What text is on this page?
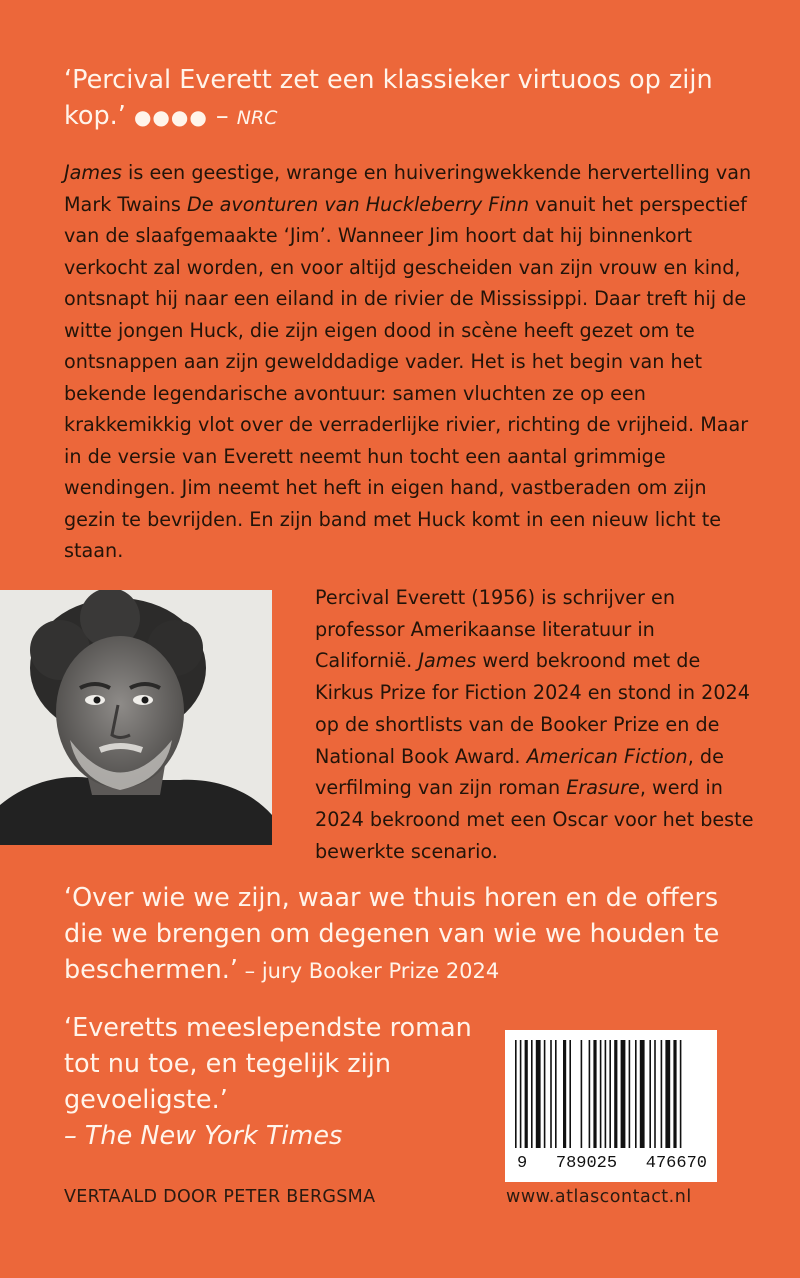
‘Percival Everett zet een klassieker virtuoos op zijn kop.’ ●●●● – NRC
James is een geestige, wrange en huiveringwekkende hervertelling van Mark Twains De avonturen van Huckleberry Finn vanuit het perspectief van de slaafgemaakte ‘Jim’. Wanneer Jim hoort dat hij binnenkort verkocht zal worden, en voor altijd gescheiden van zijn vrouw en kind, ontsnapt hij naar een eiland in de rivier de Mississippi. Daar treft hij de witte jongen Huck, die zijn eigen dood in scène heeft gezet om te ontsnappen aan zijn gewelddadige vader. Het is het begin van het bekende legendarische avontuur: samen vluchten ze op een krakkemikkig vlot over de verraderlijke rivier, richting de vrijheid. Maar in de versie van Everett neemt hun tocht een aantal grimmige wendingen. Jim neemt het heft in eigen hand, vastberaden om zijn gezin te bevrijden. En zijn band met Huck komt in een nieuw licht te staan.
Percival Everett (1956) is schrijver en professor Amerikaanse literatuur in Californië. James werd bekroond met de Kirkus Prize for Fiction 2024 en stond in 2024 op de shortlists van de Booker Prize en de National Book Award. American Fiction, de verfilming van zijn roman Erasure, werd in 2024 bekroond met een Oscar voor het beste bewerkte scenario.
‘Over wie we zijn, waar we thuis horen en de offers die we brengen om degenen van wie we houden te beschermen.’ – jury Booker Prize 2024
‘Everetts meeslependste roman tot nu toe, en tegelijk zijn gevoeligste.’
– The New York Times
9 789025 476670
VERTAALD DOOR PETER BERGSMA	www.atlascontact.nl
